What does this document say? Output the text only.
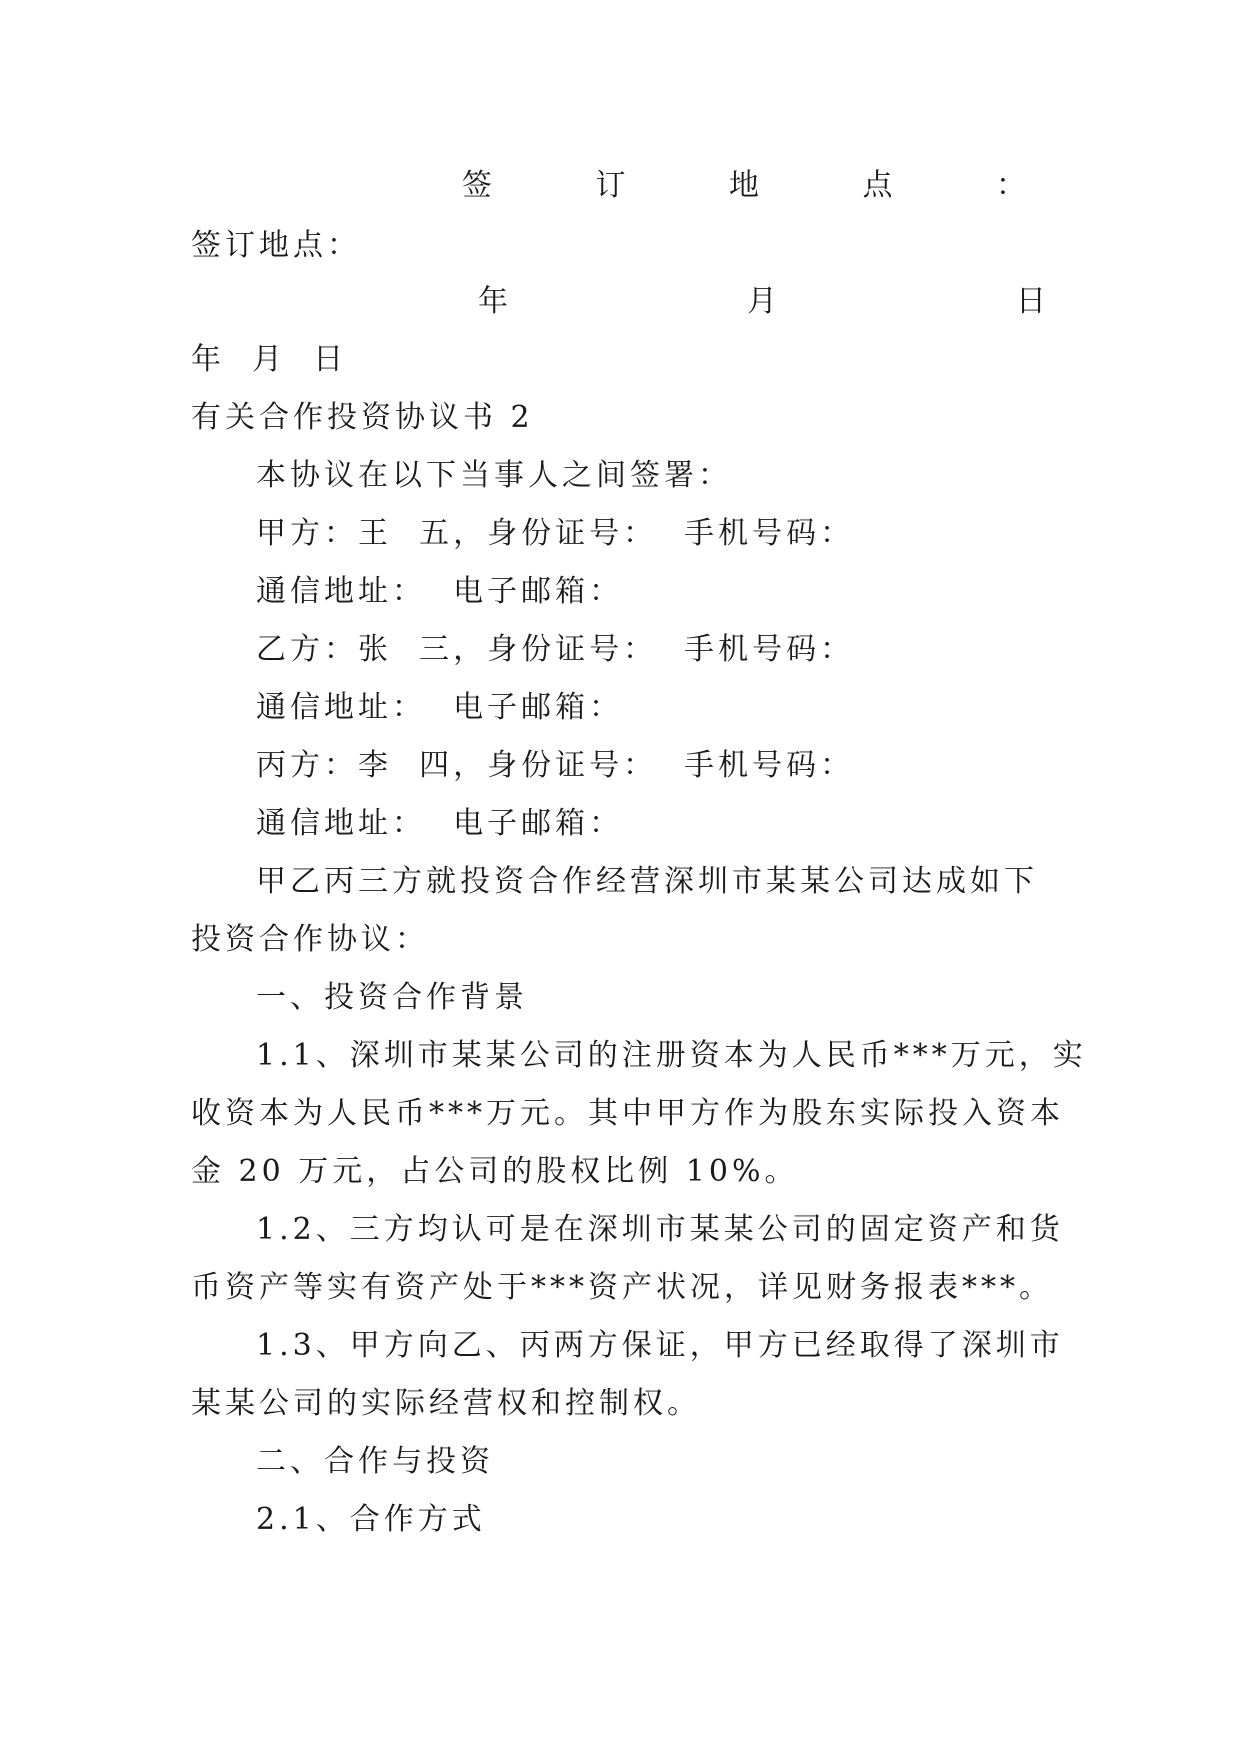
签	订	地	点	：
签订地点：
年	月	日
年  月  日
有关合作投资协议书 2
本协议在以下当事人之间签署：
甲方：王  五，身份证号：  手机号码：
通信地址：  电子邮箱：
乙方：张  三，身份证号：  手机号码：
通信地址：  电子邮箱：
丙方：李  四，身份证号：  手机号码：
通信地址：  电子邮箱：
甲乙丙三方就投资合作经营深圳市某某公司达成如下
投资合作协议：
一、投资合作背景
1.1、深圳市某某公司的注册资本为人民币***万元，实
收资本为人民币***万元。其中甲方作为股东实际投入资本
金 20 万元，占公司的股权比例 10%。
1.2、三方均认可是在深圳市某某公司的固定资产和货
币资产等实有资产处于***资产状况，详见财务报表***。
1.3、甲方向乙、丙两方保证，甲方已经取得了深圳市
某某公司的实际经营权和控制权。
二、合作与投资
2.1、合作方式
